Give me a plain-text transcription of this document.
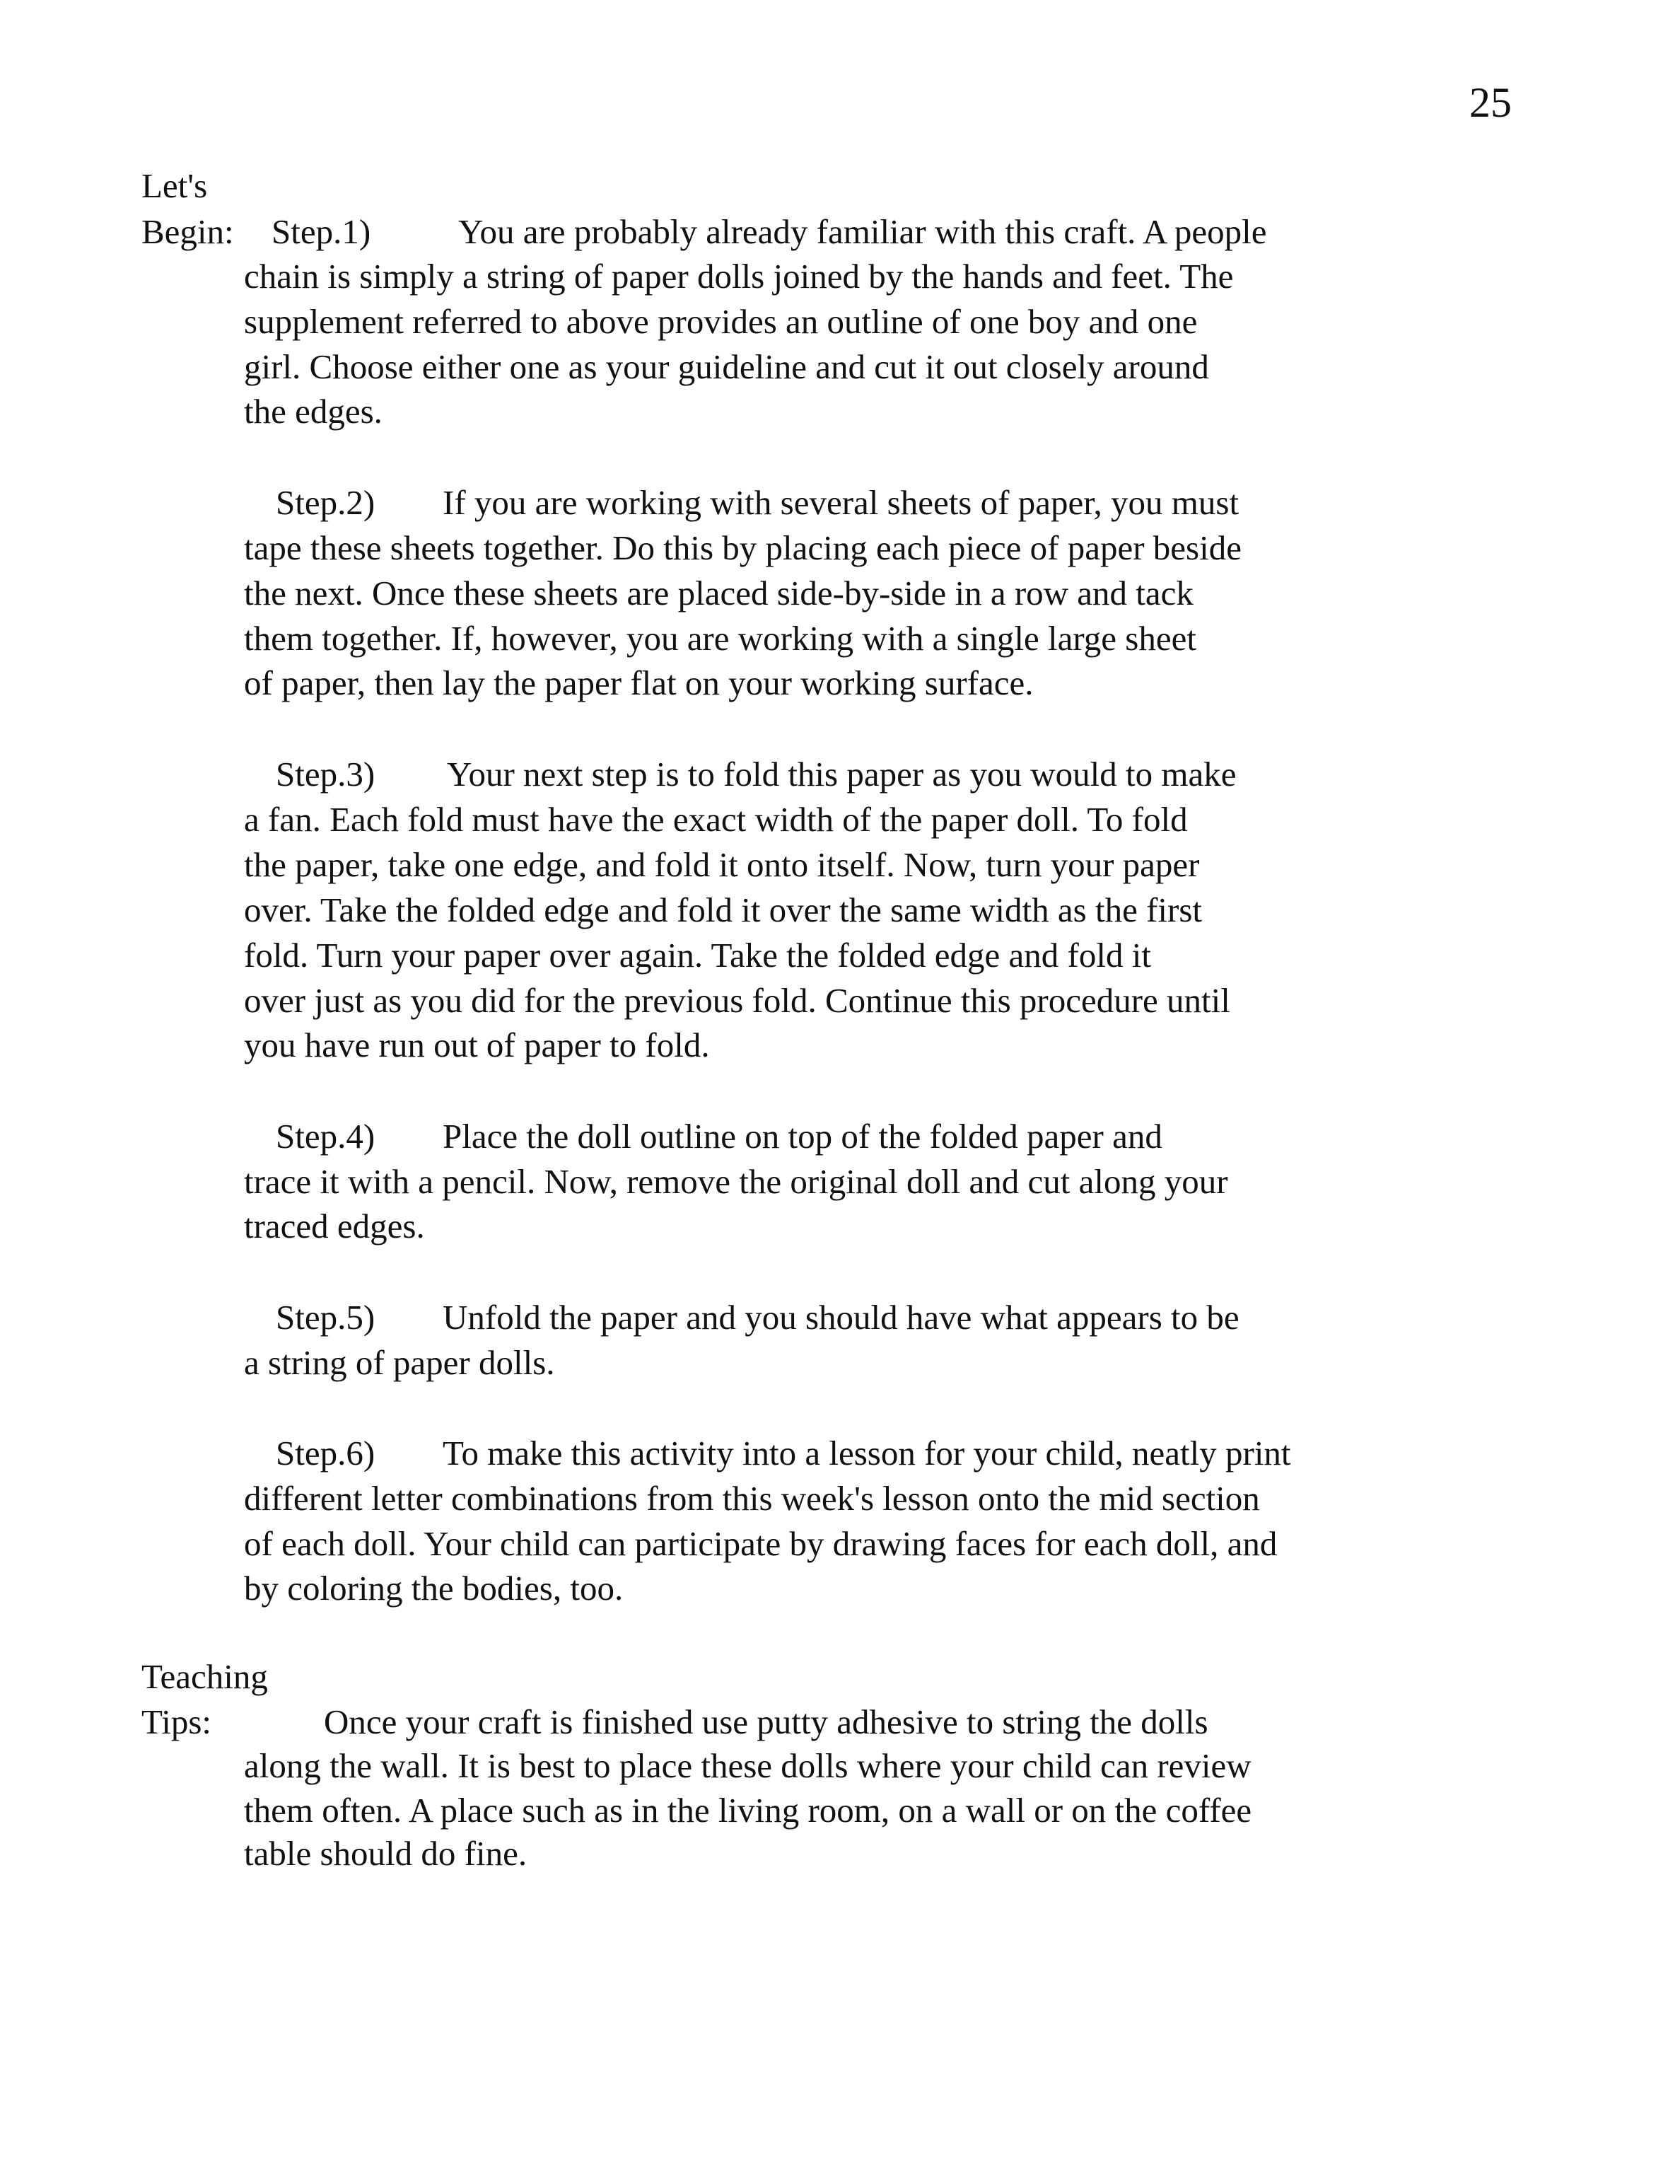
25
Let's
Begin: Step.1)	You are probably already familiar with this craft. A people
chain is simply a string of paper dolls joined by the hands and feet. The
supplement referred to above provides an outline of one boy and one
girl. Choose either one as your guideline and cut it out closely around
the edges.
Step.2) If you are working with several sheets of paper, you must
tape these sheets together. Do this by placing each piece of paper beside
the next. Once these sheets are placed side-by-side in a row and tack
them together. If, however, you are working with a single large sheet
of paper, then lay the paper flat on your working surface.
Step.3) Your next step is to fold this paper as you would to make
a fan. Each fold must have the exact width of the paper doll. To fold
the paper, take one edge, and fold it onto itself. Now, turn your paper
over. Take the folded edge and fold it over the same width as the first
fold. Turn your paper over again. Take the folded edge and fold it
over just as you did for the previous fold. Continue this procedure until
you have run out of paper to fold.
Step.4) Place the doll outline on top of the folded paper and
trace it with a pencil. Now, remove the original doll and cut along your
traced edges.
Step.5) Unfold the paper and you should have what appears to be
a string of paper dolls.
Step.6) To make this activity into a lesson for your child, neatly print
different letter combinations from this week's lesson onto the mid section
of each doll. Your child can participate by drawing faces for each doll, and
by coloring the bodies, too.
Teaching
Tips:	Once your craft is finished use putty adhesive to string the dolls
along the wall. It is best to place these dolls where your child can review
them often. A place such as in the living room, on a wall or on the coffee
table should do fine.
